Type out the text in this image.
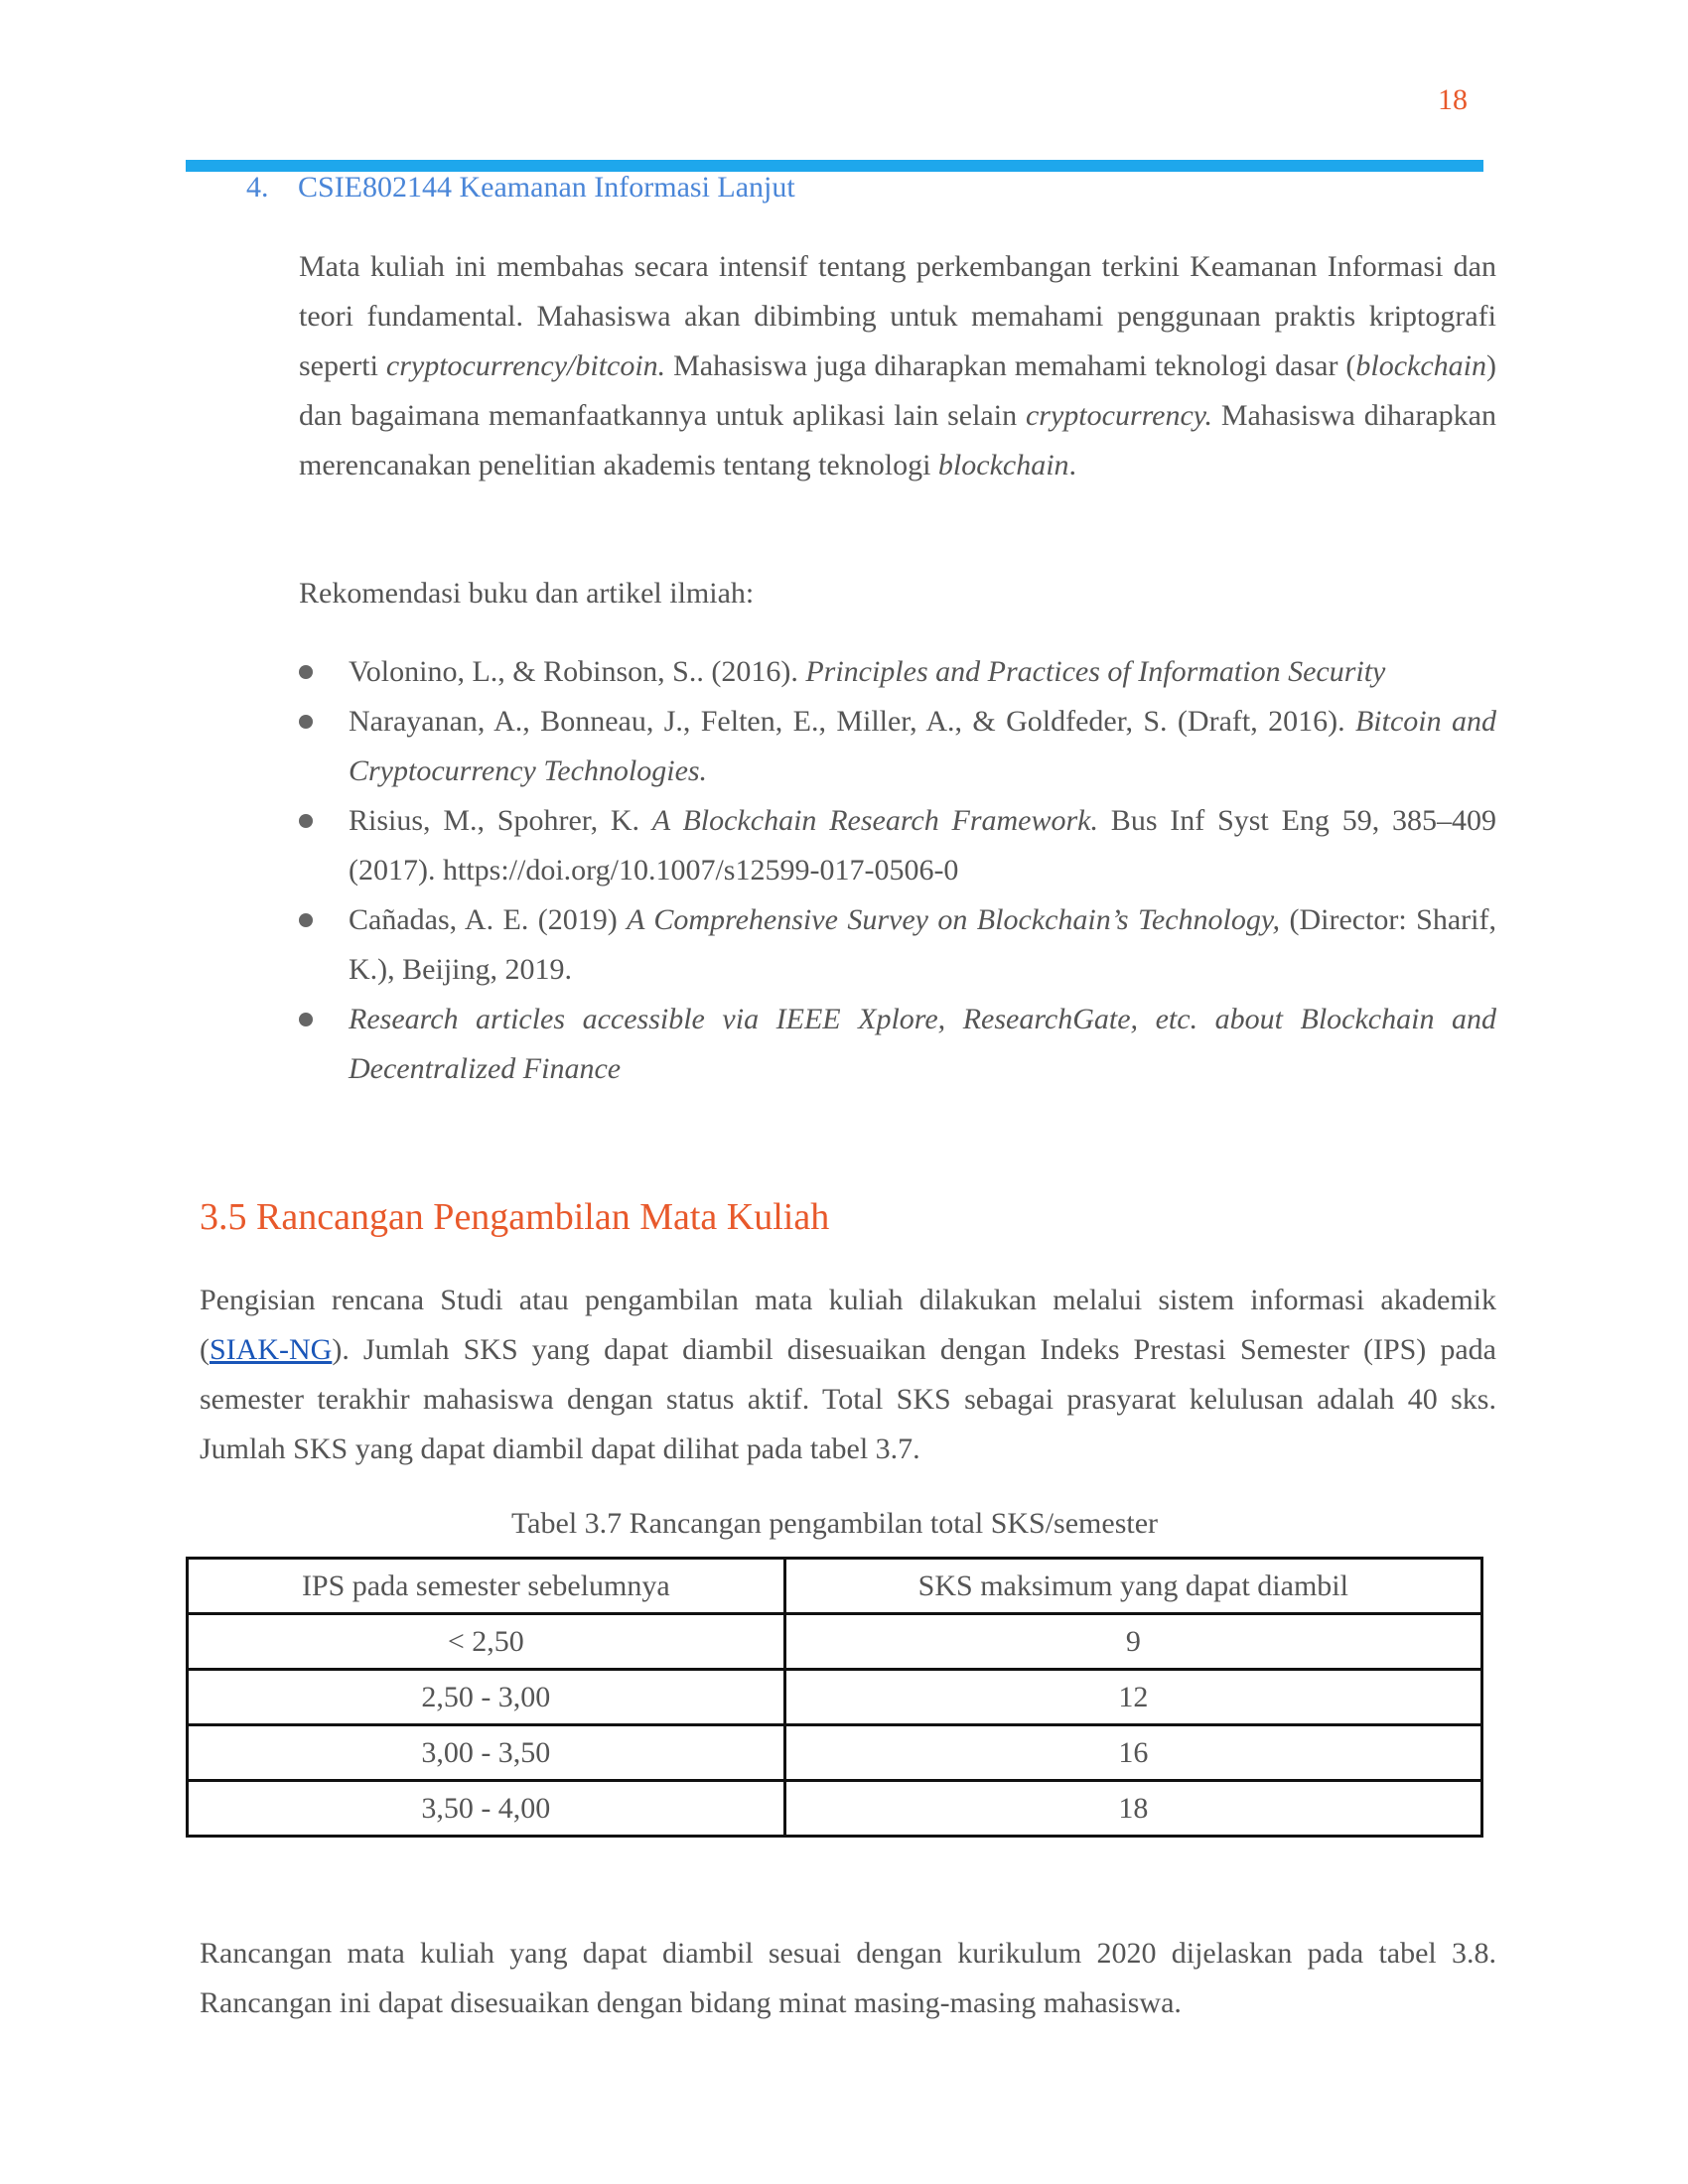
18
4. CSIE802144 Keamanan Informasi Lanjut
Mata kuliah ini membahas secara intensif tentang perkembangan terkini Keamanan Informasi dan teori fundamental. Mahasiswa akan dibimbing untuk memahami penggunaan praktis kriptografi seperti cryptocurrency/bitcoin. Mahasiswa juga diharapkan memahami teknologi dasar (blockchain) dan bagaimana memanfaatkannya untuk aplikasi lain selain cryptocurrency. Mahasiswa diharapkan merencanakan penelitian akademis tentang teknologi blockchain.
Rekomendasi buku dan artikel ilmiah:
Volonino, L., & Robinson, S.. (2016). Principles and Practices of Information Security
Narayanan, A., Bonneau, J., Felten, E., Miller, A., & Goldfeder, S. (Draft, 2016). Bitcoin and Cryptocurrency Technologies.
Risius, M., Spohrer, K. A Blockchain Research Framework. Bus Inf Syst Eng 59, 385–409 (2017). https://doi.org/10.1007/s12599-017-0506-0
Cañadas, A. E. (2019) A Comprehensive Survey on Blockchain’s Technology, (Director: Sharif, K.), Beijing, 2019.
Research articles accessible via IEEE Xplore, ResearchGate, etc. about Blockchain and Decentralized Finance
3.5 Rancangan Pengambilan Mata Kuliah
Pengisian rencana Studi atau pengambilan mata kuliah dilakukan melalui sistem informasi akademik (SIAK-NG). Jumlah SKS yang dapat diambil disesuaikan dengan Indeks Prestasi Semester (IPS) pada semester terakhir mahasiswa dengan status aktif. Total SKS sebagai prasyarat kelulusan adalah 40 sks. Jumlah SKS yang dapat diambil dapat dilihat pada tabel 3.7.
Tabel 3.7 Rancangan pengambilan total SKS/semester
IPS pada semester sebelumnya	SKS maksimum yang dapat diambil
< 2,50	9
2,50 - 3,00	12
3,00 - 3,50	16
3,50 - 4,00	18
Rancangan mata kuliah yang dapat diambil sesuai dengan kurikulum 2020 dijelaskan pada tabel 3.8. Rancangan ini dapat disesuaikan dengan bidang minat masing-masing mahasiswa.
